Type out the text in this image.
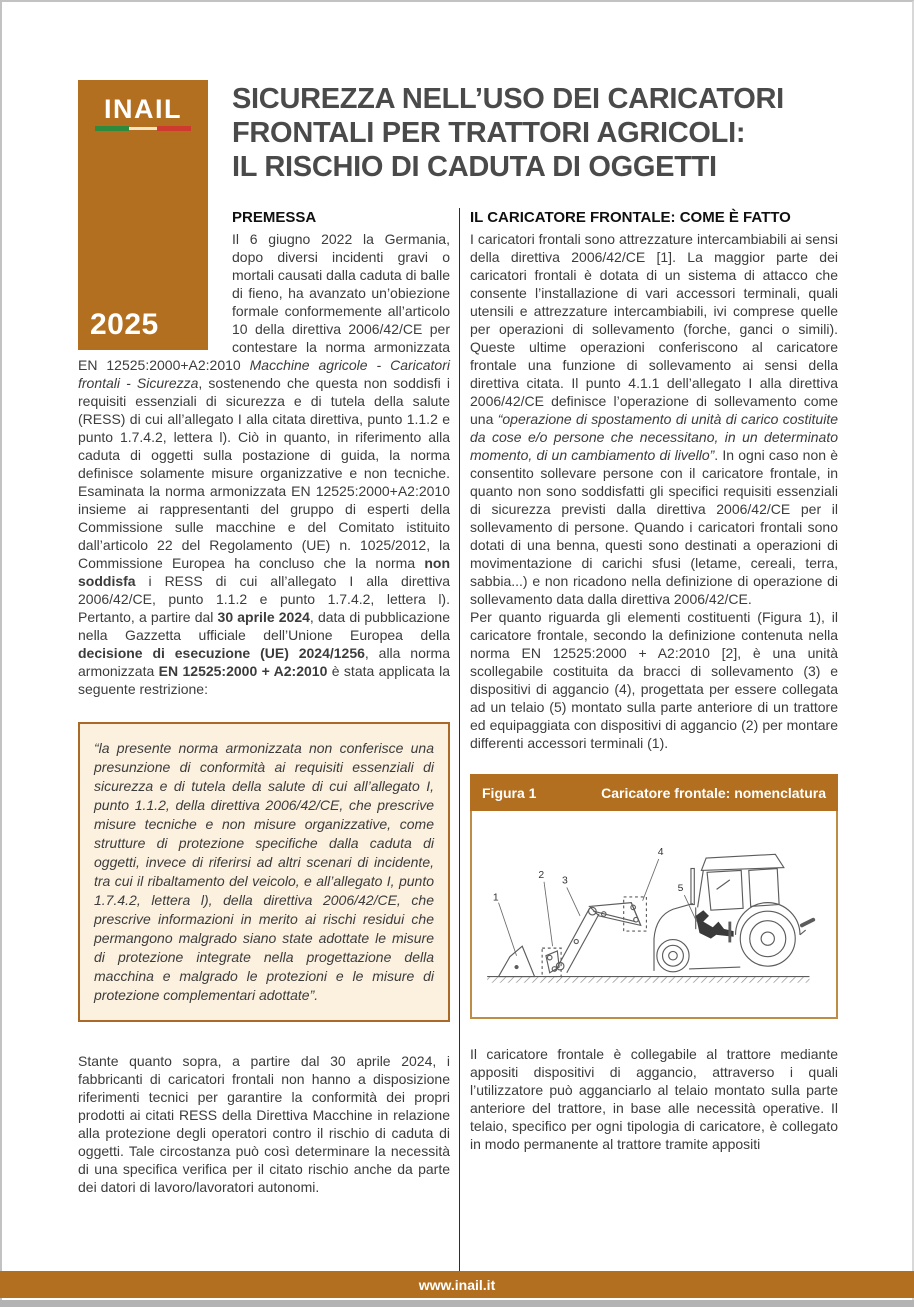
INAIL
2025
SICUREZZA NELL’USO DEI CARICATORI
FRONTALI PER TRATTORI AGRICOLI:
IL RISCHIO DI CADUTA DI OGGETTI
PREMESSA

Il 6 giugno 2022 la Germania, dopo diversi incidenti gravi o mortali causati dalla caduta di balle di fieno, ha avanzato un’obiezione formale conformemente all’articolo 10 della direttiva 2006/42/CE per contestare la norma armonizzata EN 12525:2000+A2:2010 Macchine agricole - Caricatori frontali - Sicurezza, sostenendo che questa non soddisfi i requisiti essenziali di sicurezza e di tutela della salute (RESS) di cui all’allegato I alla citata direttiva, punto 1.1.2 e punto 1.7.4.2, lettera l). Ciò in quanto, in riferimento alla caduta di oggetti sulla postazione di guida, la norma definisce solamente misure organizzative e non tecniche. Esaminata la norma armonizzata EN 12525:2000+A2:2010 insieme ai rappresentanti del gruppo di esperti della Commissione sulle macchine e del Comitato istituito dall’articolo 22 del Regolamento (UE) n. 1025/2012, la Commissione Europea ha concluso che la norma non soddisfa i RESS di cui all’allegato I alla direttiva 2006/42/CE, punto 1.1.2 e punto 1.7.4.2, lettera l). Pertanto, a partire dal 30 aprile 2024, data di pubblicazione nella Gazzetta ufficiale dell’Unione Europea della decisione di esecuzione (UE) 2024/1256, alla norma armonizzata EN 12525:2000 + A2:2010 è stata applicata la seguente restrizione:

“la presente norma armonizzata non conferisce una presunzione di conformità ai requisiti essenziali di sicurezza e di tutela della salute di cui all’allegato I, punto 1.1.2, della direttiva 2006/42/CE, che prescrive misure tecniche e non misure organizzative, come strutture di protezione specifiche dalla caduta di oggetti, invece di riferirsi ad altri scenari di incidente, tra cui il ribaltamento del veicolo, e all’allegato I, punto 1.7.4.2, lettera l), della direttiva 2006/42/CE, che prescrive informazioni in merito ai rischi residui che permangono malgrado siano state adottate le misure di protezione integrate nella progettazione della macchina e malgrado le protezioni e le misure di protezione complementari adottate”.

Stante quanto sopra, a partire dal 30 aprile 2024, i fabbricanti di caricatori frontali non hanno a disposizione riferimenti tecnici per garantire la conformità dei propri prodotti ai citati RESS della Direttiva Macchine in relazione alla protezione degli operatori contro il rischio di caduta di oggetti. Tale circostanza può così determinare la necessità di una specifica verifica per il citato rischio anche da parte dei datori di lavoro/lavoratori autonomi.

IL CARICATORE FRONTALE: COME È FATTO

I caricatori frontali sono attrezzature intercambiabili ai sensi della direttiva 2006/42/CE [1]. La maggior parte dei caricatori frontali è dotata di un sistema di attacco che consente l’installazione di vari accessori terminali, quali utensili e attrezzature intercambiabili, ivi comprese quelle per operazioni di sollevamento (forche, ganci o simili). Queste ultime operazioni conferiscono al caricatore frontale una funzione di sollevamento ai sensi della direttiva citata. Il punto 4.1.1 dell’allegato I alla direttiva 2006/42/CE definisce l’operazione di sollevamento come una “operazione di spostamento di unità di carico costituite da cose e/o persone che necessitano, in un determinato momento, di un cambiamento di livello”. In ogni caso non è consentito sollevare persone con il caricatore frontale, in quanto non sono soddisfatti gli specifici requisiti essenziali di sicurezza previsti dalla direttiva 2006/42/CE per il sollevamento di persone. Quando i caricatori frontali sono dotati di una benna, questi sono destinati a operazioni di movimentazione di carichi sfusi (letame, cereali, terra, sabbia...) e non ricadono nella definizione di operazione di sollevamento data dalla direttiva 2006/42/CE.

Per quanto riguarda gli elementi costituenti (Figura 1), il caricatore frontale, secondo la definizione contenuta nella norma EN 12525:2000 + A2:2010 [2], è una unità scollegabile costituita da bracci di sollevamento (3) e dispositivi di aggancio (4), progettata per essere collegata ad un telaio (5) montato sulla parte anteriore di un trattore ed equipaggiata con dispositivi di aggancio (2) per montare differenti accessori terminali (1).

Figura 1	Caricatore frontale: nomenclatura
1
2
3
4
5

Il caricatore frontale è collegabile al trattore mediante appositi dispositivi di aggancio, attraverso i quali l’utilizzatore può agganciarlo al telaio montato sulla parte anteriore del trattore, in base alle necessità operative. Il telaio, specifico per ogni tipologia di caricatore, è collegato in modo permanente al trattore tramite appositi

www.inail.it
